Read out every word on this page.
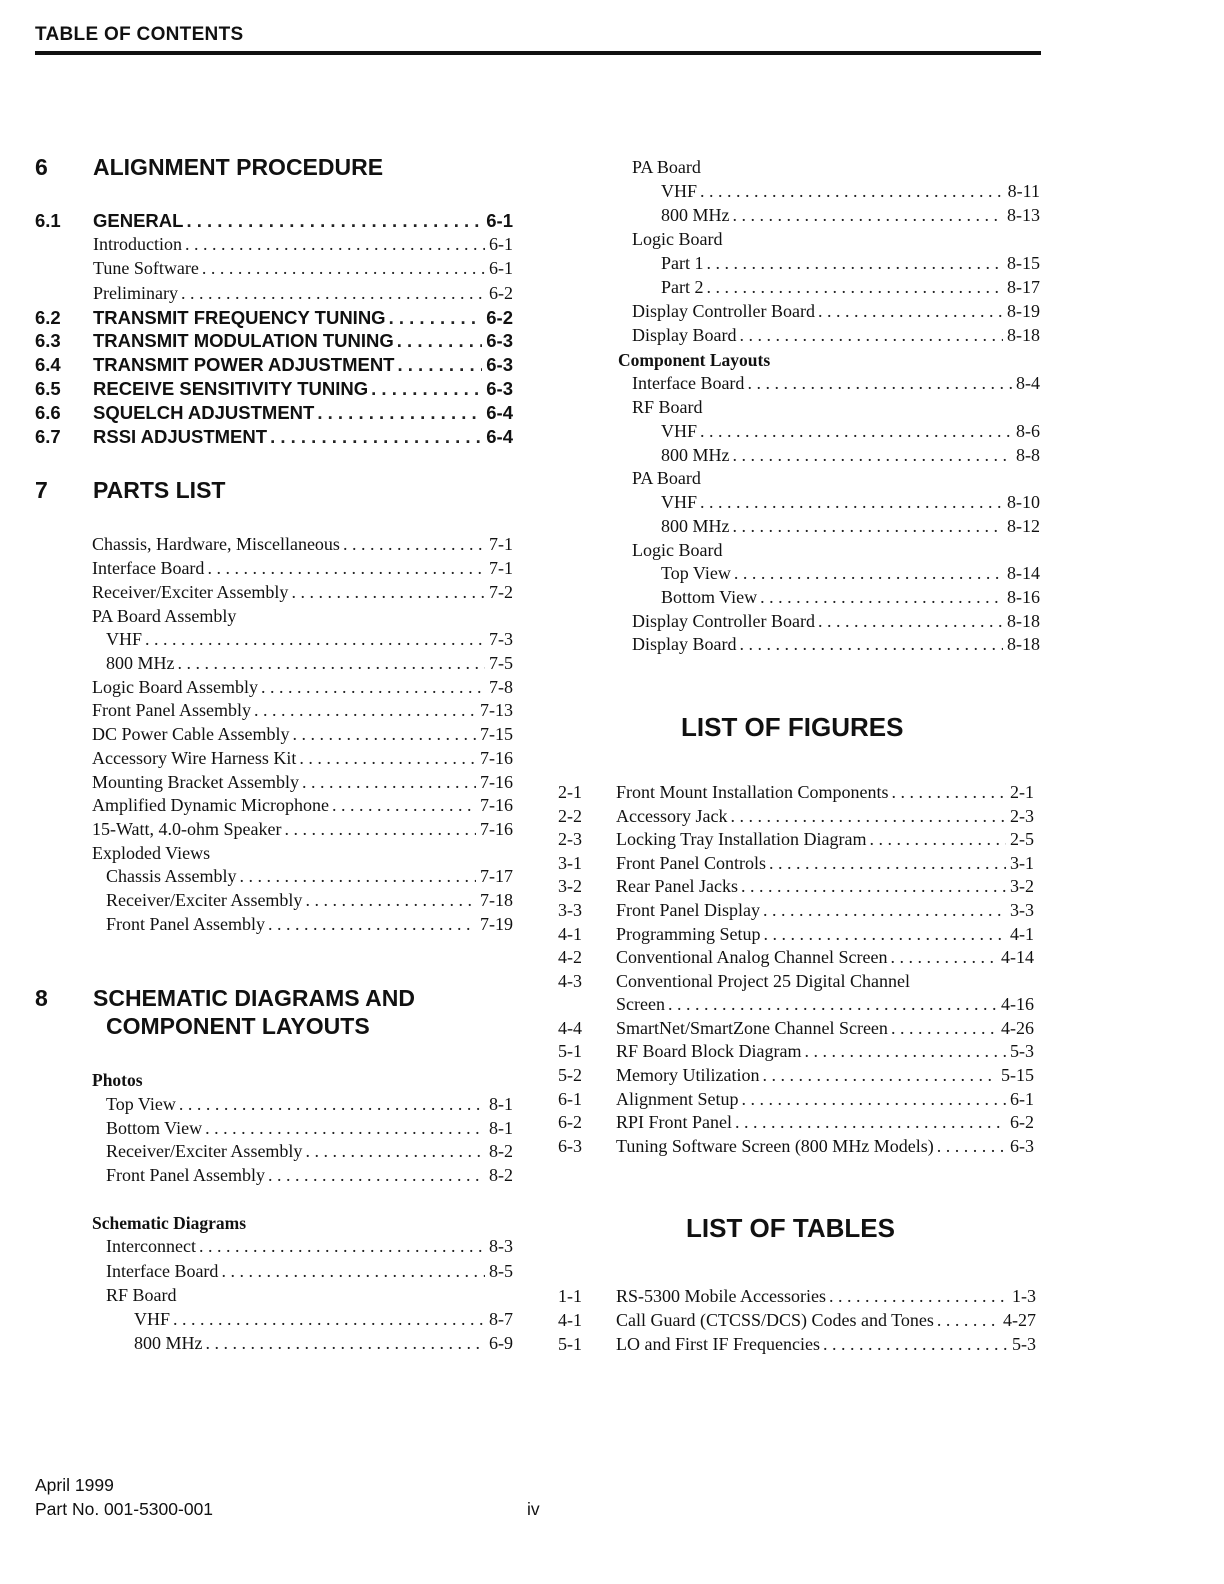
TABLE OF CONTENTS
6 ALIGNMENT PROCEDURE
6.1	GENERAL . . .	6-1
Introduction . . .	6-1
Tune Software . . .	6-1
Preliminary . . .	6-2
6.2	TRANSMIT FREQUENCY TUNING . . .	6-2
6.3	TRANSMIT MODULATION TUNING . . .	6-3
6.4	TRANSMIT POWER ADJUSTMENT . . .	6-3
6.5	RECEIVE SENSITIVITY TUNING . . .	6-3
6.6	SQUELCH ADJUSTMENT . . .	6-4
6.7	RSSI ADJUSTMENT . . .	6-4
7 PARTS LIST
Chassis, Hardware, Miscellaneous . . .	7-1
Interface Board . . .	7-1
Receiver/Exciter Assembly . . .	7-2
PA Board Assembly
VHF . . .	7-3
800 MHz . . .	7-5
Logic Board Assembly . . .	7-8
Front Panel Assembly . . .	7-13
DC Power Cable Assembly . . .	7-15
Accessory Wire Harness Kit . . .	7-16
Mounting Bracket Assembly . . .	7-16
Amplified Dynamic Microphone . . .	7-16
15-Watt, 4.0-ohm Speaker . . .	7-16
Exploded Views
Chassis Assembly . . .	7-17
Receiver/Exciter Assembly . . .	7-18
Front Panel Assembly . . .	7-19
8 SCHEMATIC DIAGRAMS AND
COMPONENT LAYOUTS
Photos
Top View . . .	8-1
Bottom View . . .	8-1
Receiver/Exciter Assembly . . .	8-2
Front Panel Assembly . . .	8-2
Schematic Diagrams
Interconnect . . .	8-3
Interface Board . . .	8-5
RF Board
VHF . . .	8-7
800 MHz . . .	6-9
PA Board
VHF . . .	8-11
800 MHz . . .	8-13
Logic Board
Part 1 . . .	8-15
Part 2 . . .	8-17
Display Controller Board . . .	8-19
Display Board . . .	8-18
Component Layouts
Interface Board . . .	8-4
RF Board
VHF . . .	8-6
800 MHz . . .	8-8
PA Board
VHF . . .	8-10
800 MHz . . .	8-12
Logic Board
Top View . . .	8-14
Bottom View . . .	8-16
Display Controller Board . . .	8-18
Display Board . . .	8-18
LIST OF FIGURES
2-1	Front Mount Installation Components . . .	2-1
2-2	Accessory Jack . . .	2-3
2-3	Locking Tray Installation Diagram . . .	2-5
3-1	Front Panel Controls . . .	3-1
3-2	Rear Panel Jacks . . .	3-2
3-3	Front Panel Display . . .	3-3
4-1	Programming Setup . . .	4-1
4-2	Conventional Analog Channel Screen . . .	4-14
4-3	Conventional Project 25 Digital Channel
Screen . . .	4-16
4-4	SmartNet/SmartZone Channel Screen . . .	4-26
5-1	RF Board Block Diagram . . .	5-3
5-2	Memory Utilization . . .	5-15
6-1	Alignment Setup . . .	6-1
6-2	RPI Front Panel . . .	6-2
6-3	Tuning Software Screen (800 MHz Models) . . .	6-3
LIST OF TABLES
1-1	RS-5300 Mobile Accessories . . .	1-3
4-1	Call Guard (CTCSS/DCS) Codes and Tones . . .	4-27
5-1	LO and First IF Frequencies . . .	5-3
April 1999
Part No. 001-5300-001	iv
